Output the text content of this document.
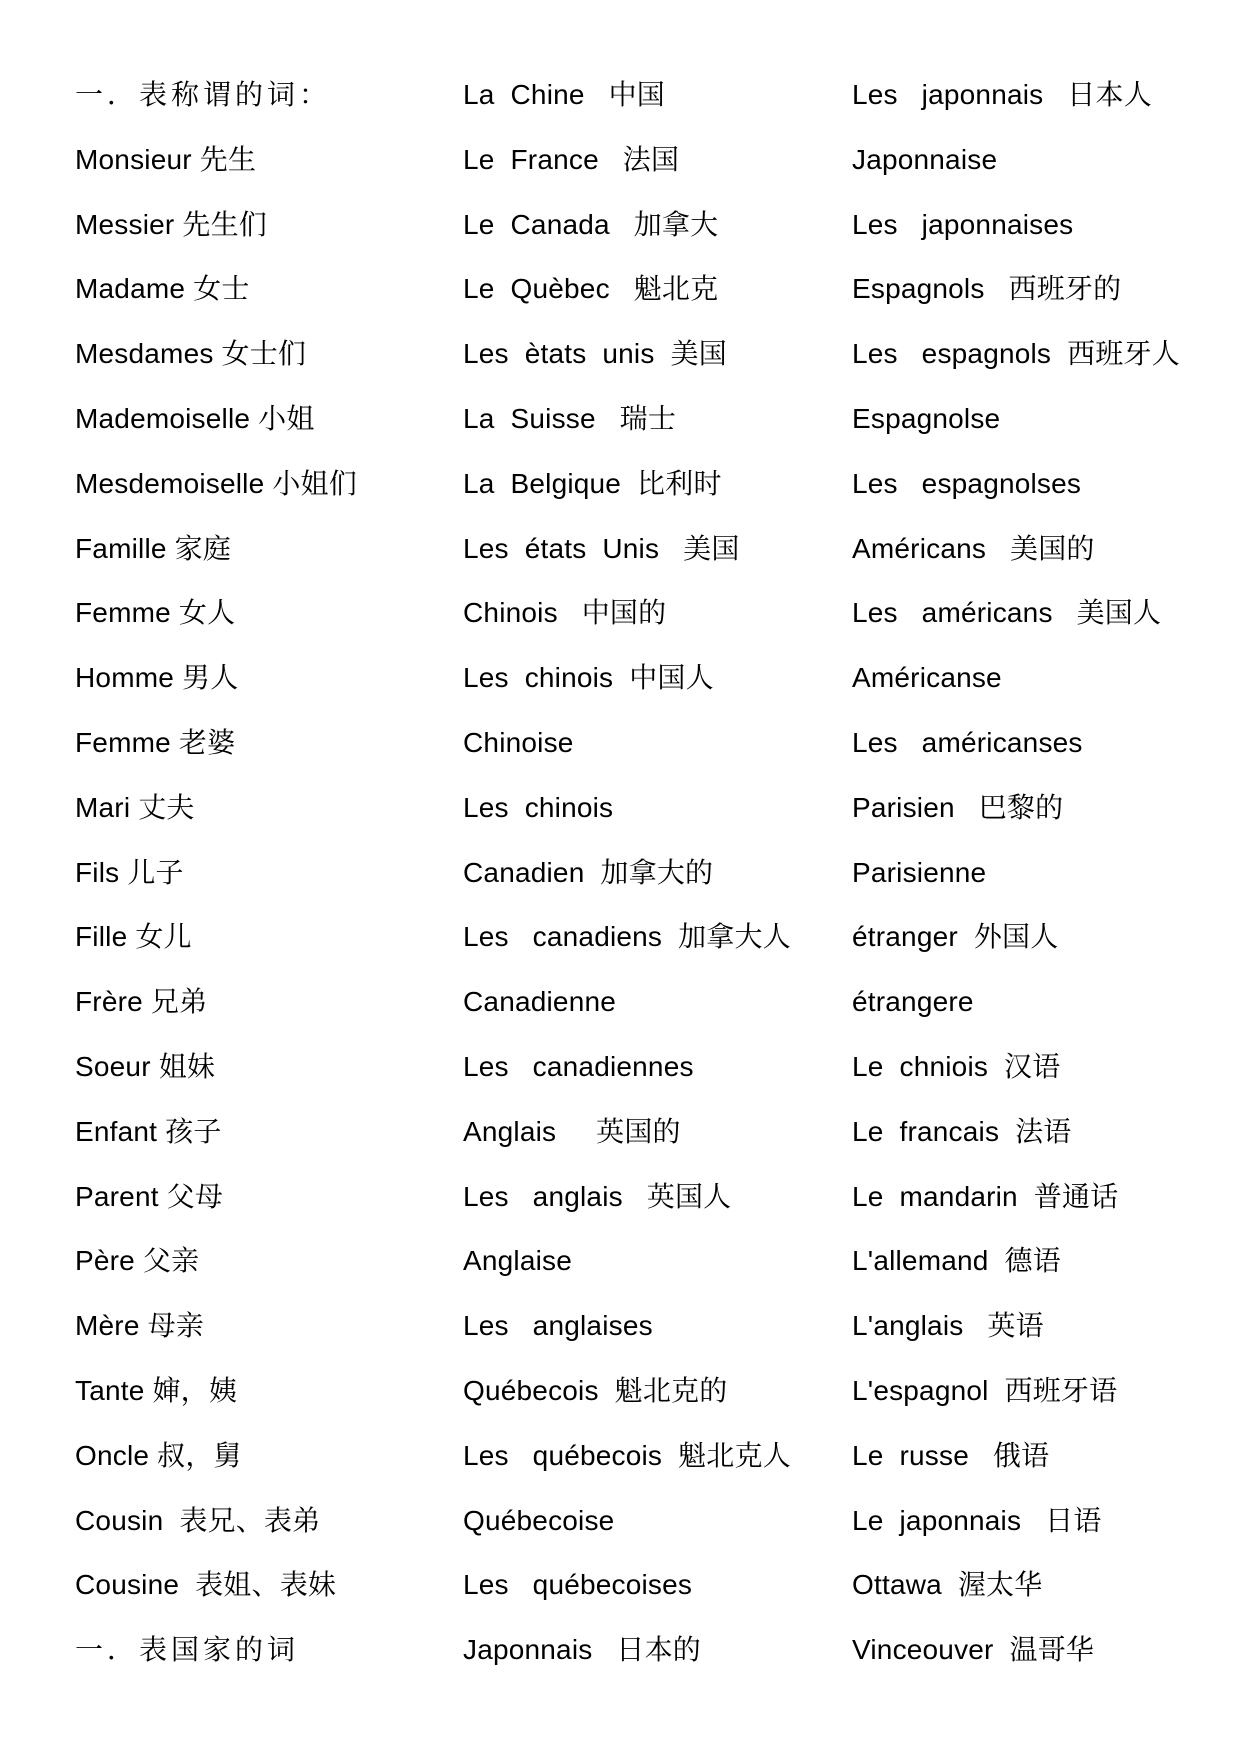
一．表称谓的词：
Monsieur 先生
Messier 先生们
Madame 女士
Mesdames 女士们
Mademoiselle 小姐
Mesdemoiselle 小姐们
Famille 家庭
Femme 女人
Homme 男人
Femme 老婆
Mari 丈夫
Fils 儿子
Fille 女儿
Frère 兄弟
Soeur 姐妹
Enfant 孩子
Parent 父母
Père 父亲
Mère 母亲
Tante 婶，姨
Oncle 叔，舅
Cousin  表兄、表弟
Cousine  表姐、表妹
一．表国家的词
La  Chine   中国
Le  France   法国
Le  Canada   加拿大
Le  Quèbec   魁北克
Les  ètats  unis  美国
La  Suisse   瑞士
La  Belgique  比利时
Les  états  Unis   美国
Chinois   中国的
Les  chinois  中国人
Chinoise
Les  chinois
Canadien  加拿大的
Les   canadiens  加拿大人
Canadienne
Les   canadiennes
Anglais     英国的
Les   anglais   英国人
Anglaise
Les   anglaises
Québecois  魁北克的
Les   québecois  魁北克人
Québecoise
Les   québecoises
Japonnais   日本的
Les   japonnais   日本人
Japonnaise
Les   japonnaises
Espagnols   西班牙的
Les   espagnols  西班牙人
Espagnolse
Les   espagnolses
Américans   美国的
Les   américans   美国人
Américanse
Les   américanses
Parisien   巴黎的
Parisienne
étranger  外国人
étrangere
Le  chniois  汉语
Le  francais  法语
Le  mandarin  普通话
L'allemand  德语
L'anglais   英语
L'espagnol  西班牙语
Le  russe   俄语
Le  japonnais   日语
Ottawa  渥太华
Vinceouver  温哥华
